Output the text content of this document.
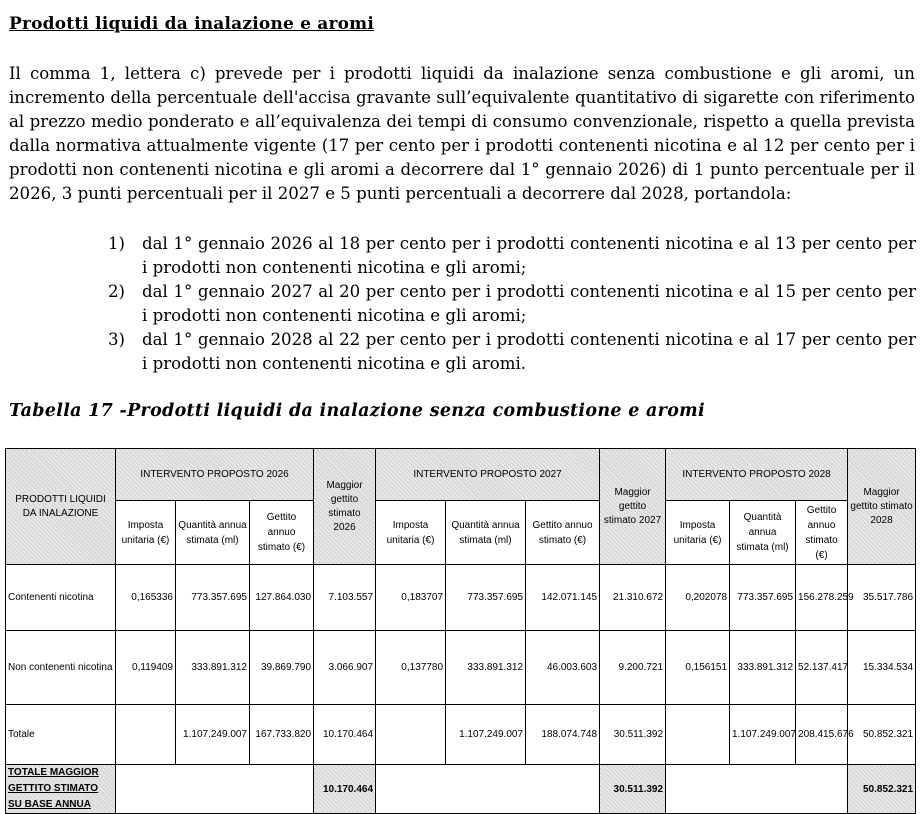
Prodotti liquidi da inalazione e aromi

Il comma 1, lettera c) prevede per i prodotti liquidi da inalazione senza combustione e gli aromi, un incremento della percentuale dell'accisa gravante sull’equivalente quantitativo di sigarette con riferimento al prezzo medio ponderato e all’equivalenza dei tempi di consumo convenzionale, rispetto a quella prevista dalla normativa attualmente vigente (17 per cento per i prodotti contenenti nicotina e al 12 per cento per i prodotti non contenenti nicotina e gli aromi a decorrere dal 1° gennaio 2026) di 1 punto percentuale per il 2026, 3 punti percentuali per il 2027 e 5 punti percentuali a decorrere dal 2028, portandola:

1) dal 1° gennaio 2026 al 18 per cento per i prodotti contenenti nicotina e al 13 per cento per i prodotti non contenenti nicotina e gli aromi;
2) dal 1° gennaio 2027 al 20 per cento per i prodotti contenenti nicotina e al 15 per cento per i prodotti non contenenti nicotina e gli aromi;
3) dal 1° gennaio 2028 al 22 per cento per i prodotti contenenti nicotina e al 17 per cento per i prodotti non contenenti nicotina e gli aromi.
Tabella 17 -Prodotti liquidi da inalazione senza combustione e aromi
PRODOTTI LIQUIDI DA INALAZIONE	INTERVENTO PROPOSTO 2026			Maggior gettito stimato 2026	INTERVENTO PROPOSTO 2027			Maggior gettito stimato 2027	INTERVENTO PROPOSTO 2028			Maggior gettito stimato 2028
	Imposta unitaria (€)	Quantità annua stimata (ml)	Gettito annuo stimato (€)		Imposta unitaria (€)	Quantità annua stimata (ml)	Gettito annuo stimato (€)		Imposta unitaria (€)	Quantità annua stimata (ml)	Gettito annuo stimato (€)	
Contenenti nicotina	0,165336	773.357.695	127.864.030	7.103.557	0,183707	773.357.695	142.071.145	21.310.672	0,202078	773.357.695	156.278.259	35.517.786
Non contenenti nicotina	0,119409	333.891.312	39.869.790	3.066.907	0,137780	333.891.312	46.003.603	9.200.721	0,156151	333.891.312	52.137.417	15.334.534
Totale		1.107.249.007	167.733.820	10.170.464		1.107.249.007	188.074.748	30.511.392		1.107.249.007	208.415.676	50.852.321
TOTALE MAGGIOR GETTITO STIMATO SU BASE ANNUA				10.170.464				30.511.392				50.852.321
